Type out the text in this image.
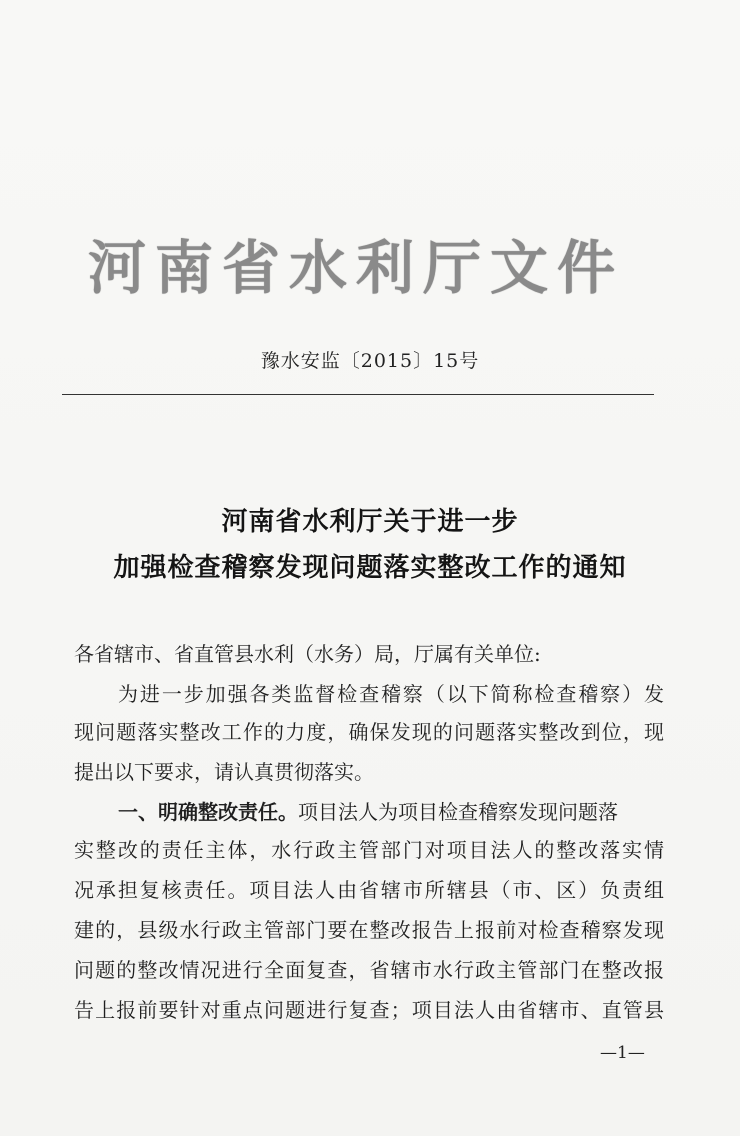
河南省水利厅文件
豫水安监〔2015〕15号
河南省水利厅关于进一步
加强检查稽察发现问题落实整改工作的通知
各省辖市、省直管县水利（水务）局，厅属有关单位:
为进一步加强各类监督检查稽察（以下简称检查稽察）发
现问题落实整改工作的力度，确保发现的问题落实整改到位，现
提出以下要求，请认真贯彻落实。
一、明确整改责任。项目法人为项目检查稽察发现问题落
实整改的责任主体，水行政主管部门对项目法人的整改落实情
况承担复核责任。项目法人由省辖市所辖县（市、区）负责组
建的，县级水行政主管部门要在整改报告上报前对检查稽察发现
问题的整改情况进行全面复查，省辖市水行政主管部门在整改报
告上报前要针对重点问题进行复查；项目法人由省辖市、直管县
—1—
